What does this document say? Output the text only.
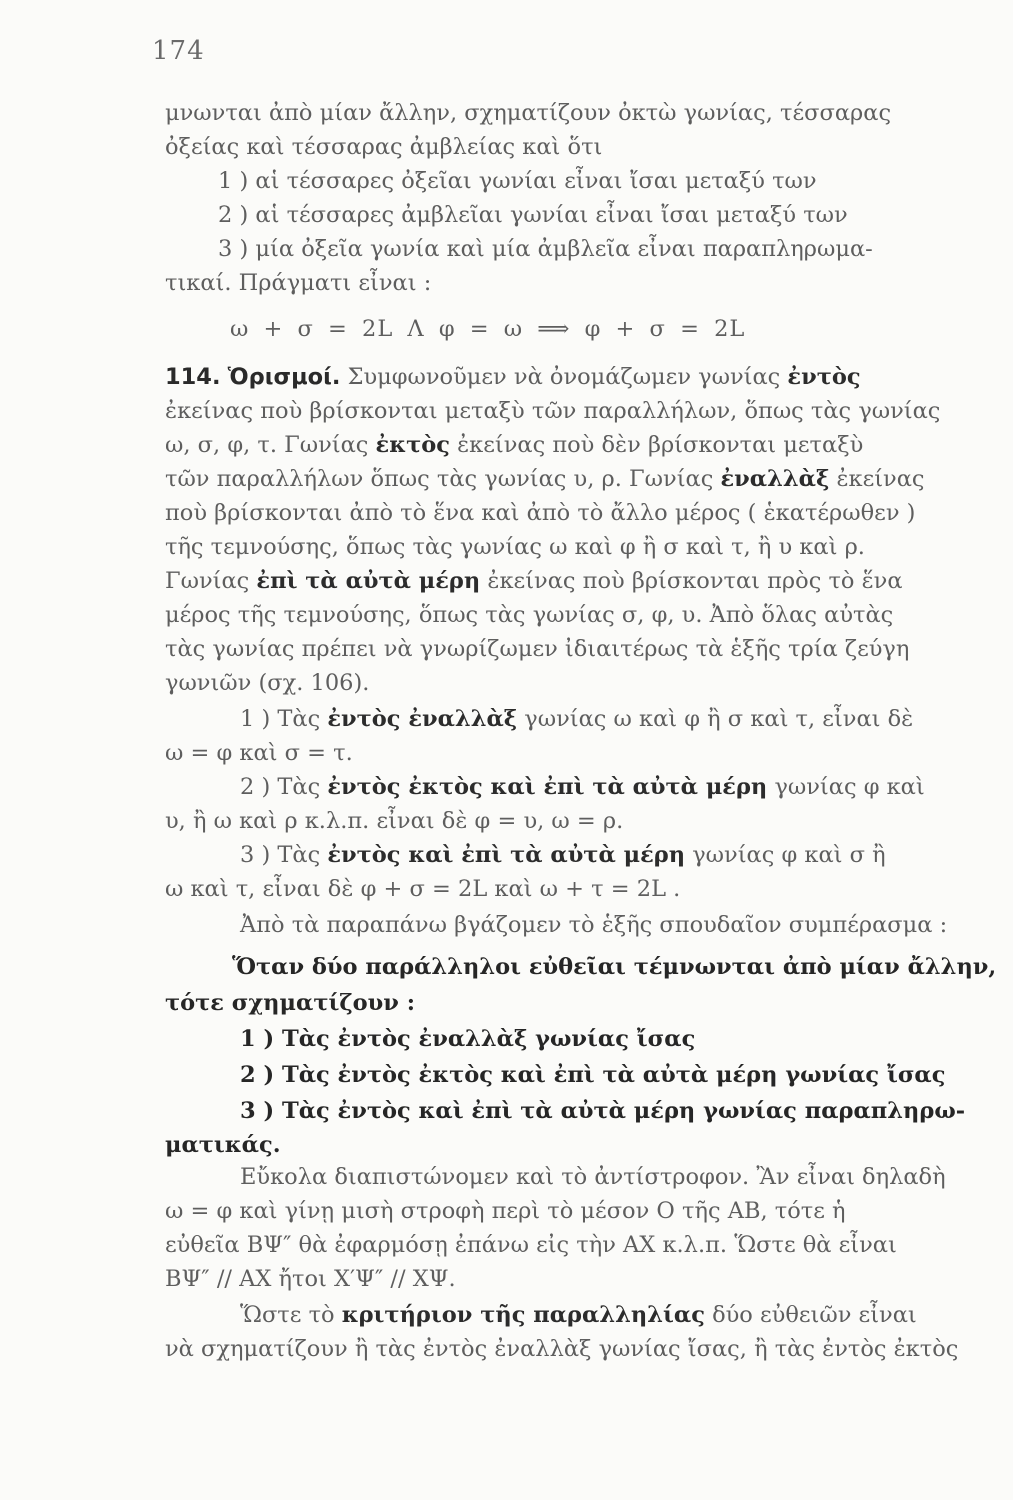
174
μνωνται ἀπὸ μίαν ἄλλην, σχηματίζουν ὀκτὼ γωνίας, τέσσαρας
ὀξείας καὶ τέσσαρας ἀμβλείας καὶ ὅτι
1 ) αἱ τέσσαρες ὀξεῖαι γωνίαι εἶναι ἴσαι μεταξύ των
2 ) αἱ τέσσαρες ἀμβλεῖαι γωνίαι εἶναι ἴσαι μεταξύ των
3 ) μία ὀξεῖα γωνία καὶ μία ἀμβλεῖα εἶναι παραπληρωμα-
τικαί. Πράγματι εἶναι :
ω + σ = 2L Λ φ = ω ⟹ φ + σ = 2L
114. Ὁρισμοί. Συμφωνοῦμεν νὰ ὀνομάζωμεν γωνίας ἐντὸς
ἐκείνας ποὺ βρίσκονται μεταξὺ τῶν παραλλήλων, ὅπως τὰς γωνίας
ω, σ, φ, τ. Γωνίας ἐκτὸς ἐκείνας ποὺ δὲν βρίσκονται μεταξὺ
τῶν παραλλήλων ὅπως τὰς γωνίας υ, ρ. Γωνίας ἐναλλὰξ ἐκείνας
ποὺ βρίσκονται ἀπὸ τὸ ἕνα καὶ ἀπὸ τὸ ἄλλο μέρος ( ἑκατέρωθεν )
τῆς τεμνούσης, ὅπως τὰς γωνίας ω καὶ φ ἢ σ καὶ τ, ἢ υ καὶ ρ.
Γωνίας ἐπὶ τὰ αὐτὰ μέρη ἐκείνας ποὺ βρίσκονται πρὸς τὸ ἕνα
μέρος τῆς τεμνούσης, ὅπως τὰς γωνίας σ, φ, υ. Ἀπὸ ὅλας αὐτὰς
τὰς γωνίας πρέπει νὰ γνωρίζωμεν ἰδιαιτέρως τὰ ἑξῆς τρία ζεύγη
γωνιῶν (σχ. 106).
1 ) Τὰς ἐντὸς ἐναλλὰξ γωνίας ω καὶ φ ἢ σ καὶ τ, εἶναι δὲ
ω = φ καὶ σ = τ.
2 ) Τὰς ἐντὸς ἐκτὸς καὶ ἐπὶ τὰ αὐτὰ μέρη γωνίας φ καὶ
υ, ἢ ω καὶ ρ κ.λ.π. εἶναι δὲ φ = υ, ω = ρ.
3 ) Τὰς ἐντὸς καὶ ἐπὶ τὰ αὐτὰ μέρη γωνίας φ καὶ σ ἢ
ω καὶ τ, εἶναι δὲ φ + σ = 2L καὶ ω + τ = 2L .
Ἀπὸ τὰ παραπάνω βγάζομεν τὸ ἑξῆς σπουδαῖον συμπέρασμα :
Ὅταν δύο παράλληλοι εὐθεῖαι τέμνωνται ἀπὸ μίαν ἄλλην,
τότε σχηματίζουν :
1 ) Τὰς ἐντὸς ἐναλλὰξ γωνίας ἴσας
2 ) Τὰς ἐντὸς ἐκτὸς καὶ ἐπὶ τὰ αὐτὰ μέρη γωνίας ἴσας
3 ) Τὰς ἐντὸς καὶ ἐπὶ τὰ αὐτὰ μέρη γωνίας παραπληρω-
ματικάς.
Εὔκολα διαπιστώνομεν καὶ τὸ ἀντίστροφον. Ἂν εἶναι δηλαδὴ
ω = φ καὶ γίνῃ μισὴ στροφὴ περὶ τὸ μέσον Ο τῆς ΑΒ, τότε ἡ
εὐθεῖα ΒΨ″ θὰ ἐφαρμόσῃ ἐπάνω εἰς τὴν ΑΧ κ.λ.π. Ὥστε θὰ εἶναι
ΒΨ″ // ΑΧ ἤτοι Χ′Ψ″ // ΧΨ.
Ὥστε τὸ κριτήριον τῆς παραλληλίας δύο εὐθειῶν εἶναι
νὰ σχηματίζουν ἢ τὰς ἐντὸς ἐναλλὰξ γωνίας ἴσας, ἢ τὰς ἐντὸς ἐκτὸς
